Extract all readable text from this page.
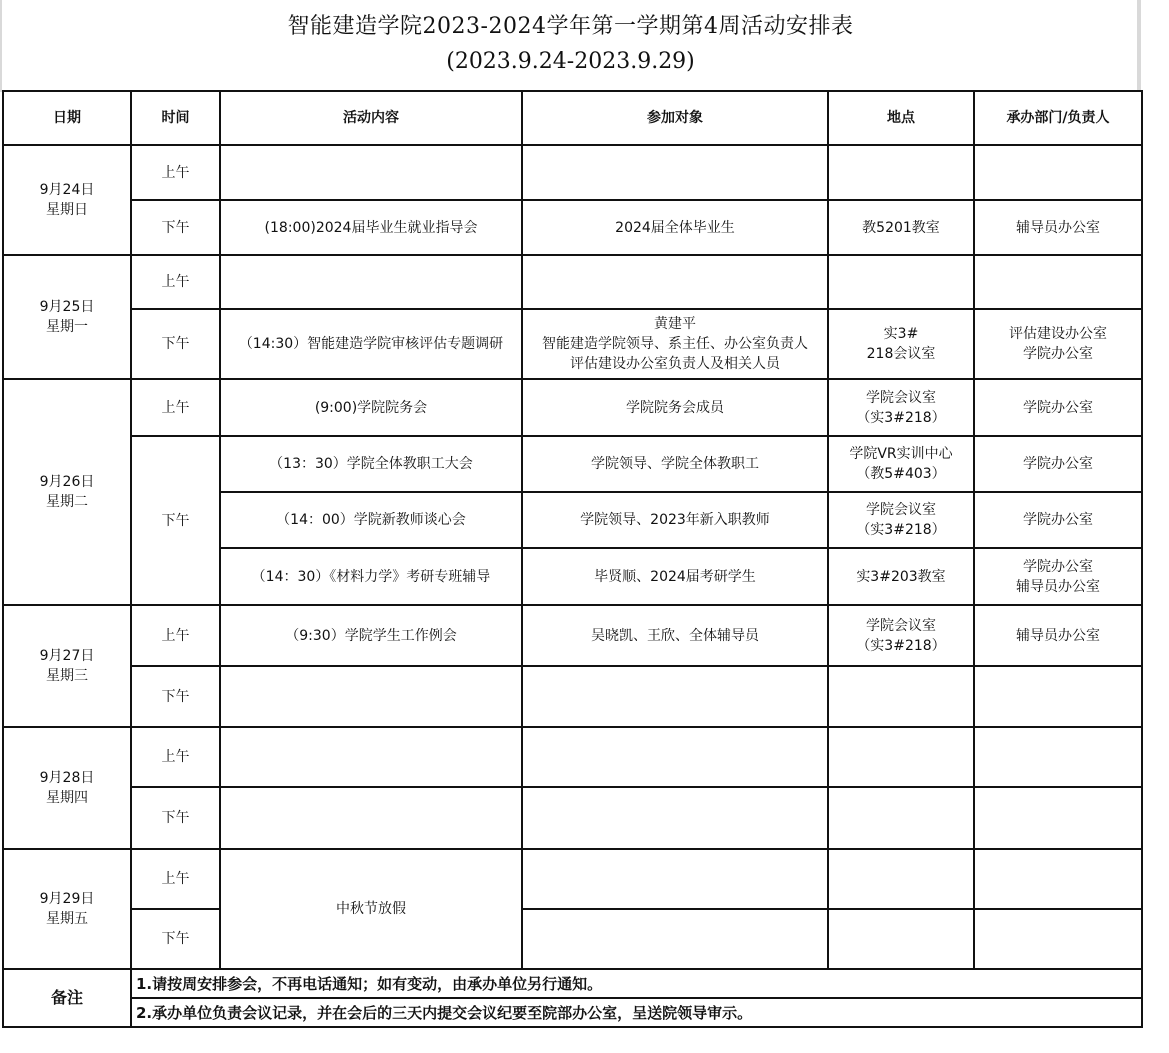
智能建造学院2023-2024学年第一学期第4周活动安排表
(2023.9.24-2023.9.29)
日期	时间	活动内容	参加对象	地点	承办部门/负责人

9月24日
星期日	上午				
	下午	(18:00)2024届毕业生就业指导会	2024届全体毕业生	教5201教室	辅导员办公室

9月25日
星期一	上午				
	下午	（14:30）智能建造学院审核评估专题调研	黄建平
智能建造学院领导、系主任、办公室负责人
评估建设办公室负责人及相关人员	实3#
218会议室	评估建设办公室
学院办公室

9月26日
星期二	上午	(9:00)学院院务会	学院院务会成员	学院会议室
（实3#218）	学院办公室
	下午	（13：30）学院全体教职工大会	学院领导、学院全体教职工	学院VR实训中心
（教5#403）	学院办公室
		（14：00）学院新教师谈心会	学院领导、2023年新入职教师	学院会议室
（实3#218）	学院办公室
		（14：30）《材料力学》考研专班辅导	毕贤顺、2024届考研学生	实3#203教室	学院办公室
辅导员办公室

9月27日
星期三	上午	（9:30）学院学生工作例会	吴晓凯、王欣、全体辅导员	学院会议室
（实3#218）	辅导员办公室
	下午				

9月28日
星期四	上午				
	下午				

9月29日
星期五	上午	中秋节放假			
	下午				
备注	1.请按周安排参会，不再电话通知；如有变动，由承办单位另行通知。				
	2.承办单位负责会议记录，并在会后的三天内提交会议纪要至院部办公室，呈送院领导审示。				
